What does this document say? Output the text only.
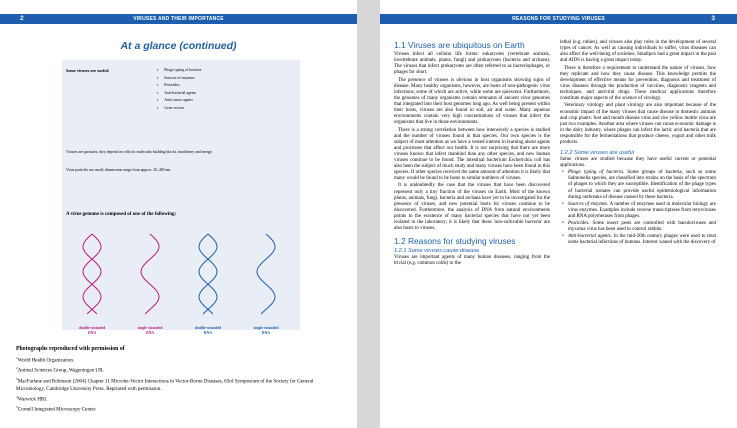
2	VIRUSES AND THEIR IMPORTANCE
At a glance (continued)
Some viruses are useful:
▪	Phage typing of bacteria
▪ Sources of enzymes
▪ Pesticides
▪ Anti-bacterial agents
▪ Anti-cancer agents
▪ Gene vectors
Viruses are parasites; they depend on cells for molecular building blocks, machinery and energy.
Virus particles are small; dimensions range from approx. 20–400 nm.
A virus genome is composed of one of the following:
double-stranded
DNA
single-stranded
DNA
double-stranded
RNA
single-stranded
RNA
Photographs reproduced with permission of
$^1$World Health Organization.
$^2$Animal Sciences Group, Wageningen UR.
$^3$MacFarlane and Robinson (2004) Chapter 11 Microbe-Vector Interactions in Vector-Borne Diseases, 63rd Symposium of the Society for General Microbiology, Cambridge University Press. Reprinted with permission.
$^4$Warwick HRI.
$^5$Cornell Integrated Microscopy Center.
REASONS FOR STUDYING VIRUSES	3
1.1 Viruses are ubiquitous on Earth

Viruses infect all cellular life forms: eukaryotes (vertebrate animals, invertebrate animals, plants, fungi) and prokaryotes (bacteria and archaea). The viruses that infect prokaryotes are often referred to as bacteriophages, or phages for short.

The presence of viruses is obvious in host organisms showing signs of disease. Many healthy organisms, however, are hosts of non-pathogenic virus infections, some of which are active, while some are quiescent. Furthermore, the genomes of many organisms contain remnants of ancient virus genomes that integrated into their host genomes long ago. As well being present within their hosts, viruses are also found in soil, air and water. Many aqueous environments contain very high concentrations of viruses that infect the organisms that live in those environments.

There is a strong correlation between how intensively a species is studied and the number of viruses found in that species. Our own species is the subject of most attention as we have a vested interest in learning about agents and processes that affect our health. It is not surprising that there are more viruses known that infect mankind than any other species, and new human viruses continue to be found. The intestinal bacterium Escherichia coli has also been the subject of much study and many viruses have been found in this species. If other species received the same amount of attention it is likely that many would be found to be hosts to similar numbers of viruses.

It is undoubtedly the case that the viruses that have been discovered represent only a tiny fraction of the viruses on Earth. Most of the known plants, animals, fungi, bacteria and archaea have yet to be investigated for the presence of viruses, and new potential hosts for viruses continue to be discovered. Furthermore, the analysis of DNA from natural environments points to the existence of many bacterial species that have not yet been isolated in the laboratory; it is likely that these 'non-cultivable bacteria' are also hosts to viruses.

1.2 Reasons for studying viruses
1.2.1 Some viruses cause disease

Viruses are important agents of many human diseases, ranging from the trivial (e.g. common colds) to the

lethal (e.g. rabies), and viruses also play roles in the development of several types of cancer. As well as causing individuals to suffer, virus diseases can also affect the well-being of societies. Smallpox had a great impact in the past and AIDS is having a great impact today.

There is therefore a requirement to understand the nature of viruses, how they replicate and how they cause disease. This knowledge permits the development of effective means for prevention, diagnosis and treatment of virus diseases through the production of vaccines, diagnostic reagents and techniques, and antiviral drugs. These medical applications therefore constitute major aspects of the science of virology.

Veterinary virology and plant virology are also important because of the economic impact of the many viruses that cause disease in domestic animals and crop plants: foot and mouth disease virus and rice yellow mottle virus are just two examples. Another area where viruses can cause economic damage is in the dairy industry, where phages can infect the lactic acid bacteria that are responsible for the fermentations that produce cheese, yogurt and other milk products.

1.2.2 Some viruses are useful

Some viruses are studied because they have useful current or potential applications.

• Phage typing of bacteria. Some groups of bacteria, such as some Salmonella species, are classified into strains on the basis of the spectrum of phages to which they are susceptible. Identification of the phage types of bacterial isolates can provide useful epidemiological information during outbreaks of disease caused by these bacteria.
• Sources of enzymes. A number of enzymes used in molecular biology are virus enzymes. Examples include reverse transcriptases from retroviruses and RNA polymerases from phages.
• Pesticides. Some insect pests are controlled with baculoviruses and myxoma virus has been used to control rabbits.
• Anti-bacterial agents. In the mid-20th century phages were used to treat some bacterial infections of humans. Interest waned with the discovery of
